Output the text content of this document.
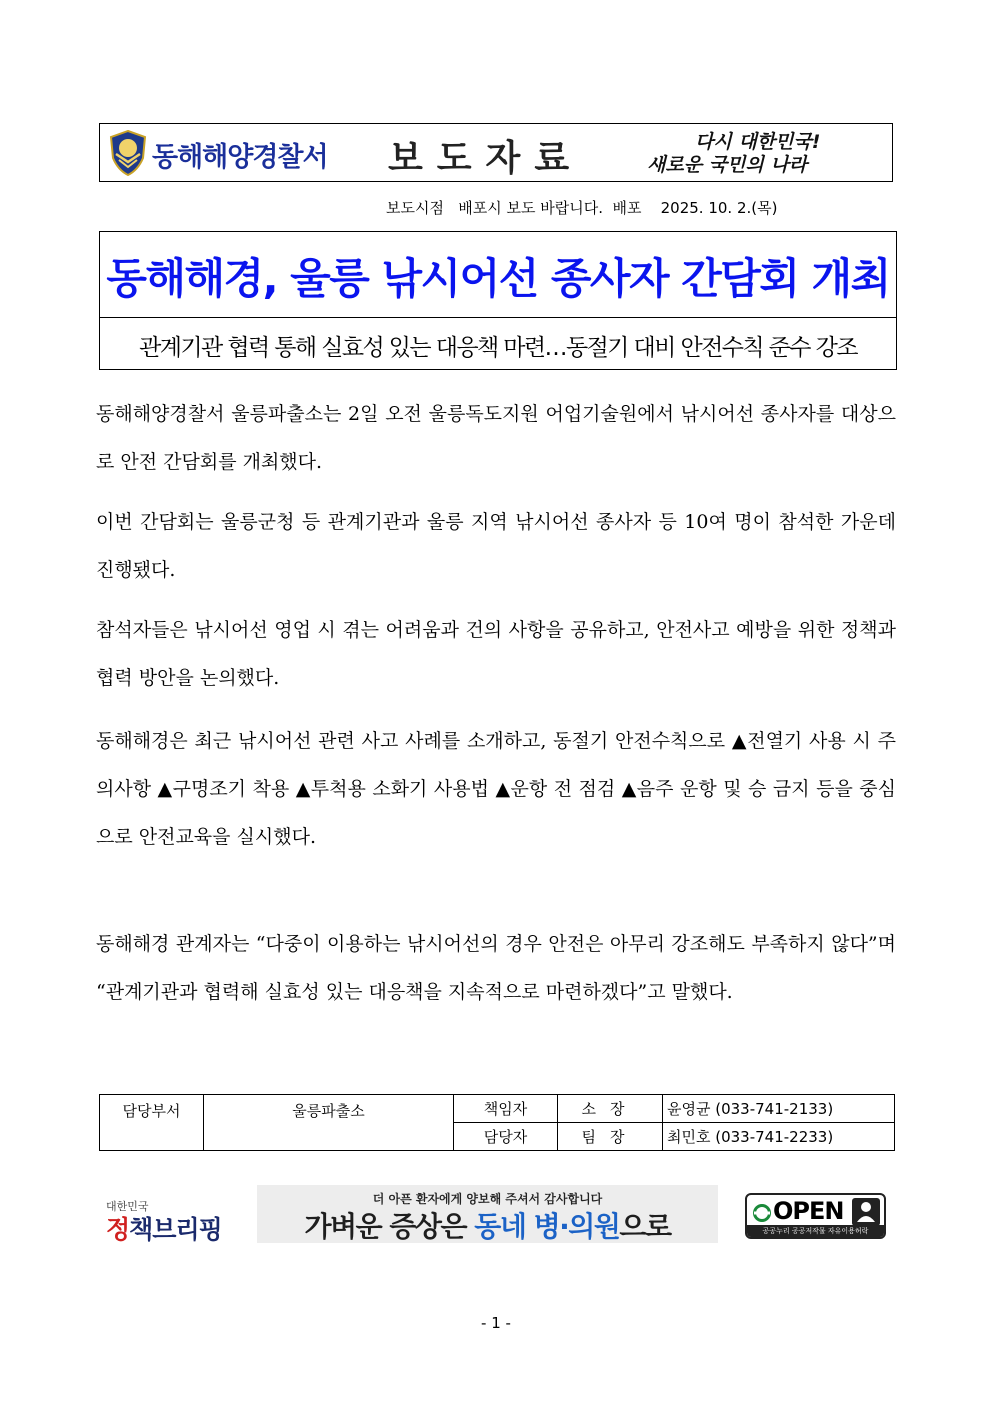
동해해양경찰서 보도자료	다시 대한민국!
새로운 국민의 나라
보도시점 배포시 보도 바랍니다. 배포 2025. 10. 2.(목)
동해해경, 울릉 낚시어선 종사자 간담회 개최
관계기관 협력 통해 실효성 있는 대응책 마련…동절기 대비 안전수칙 준수 강조
동해해양경찰서 울릉파출소는 2일 오전 울릉독도지원 어업기술원에서 낚시어선 종사자를 대상으로 안전 간담회를 개최했다.
이번 간담회는 울릉군청 등 관계기관과 울릉 지역 낚시어선 종사자 등 10여 명이 참석한 가운데 진행됐다.
참석자들은 낚시어선 영업 시 겪는 어려움과 건의 사항을 공유하고, 안전사고 예방을 위한 정책과 협력 방안을 논의했다.
동해해경은 최근 낚시어선 관련 사고 사례를 소개하고, 동절기 안전수칙으로 ▲전열기 사용 시 주의사항 ▲구명조기 착용 ▲투척용 소화기 사용법 ▲운항 전 점검 ▲음주 운항 및 승 금지 등을 중심으로 안전교육을 실시했다.
동해해경 관계자는 “다중이 이용하는 낚시어선의 경우 안전은 아무리 강조해도 부족하지 않다”며 “관계기관과 협력해 실효성 있는 대응책을 지속적으로 마련하겠다”고 말했다.
담당부서	울릉파출소	책임자	소장	윤영균 (033-741-2133)
		담당자	팀장	최민호 (033-741-2233)
대한민국
정책브리핑
더 아픈 환자에게 양보해 주셔서 감사합니다
가벼운 증상은 동네 병·의원으로	OPEN
공공누리 공공저작물 자유이용허락
- 1 -
